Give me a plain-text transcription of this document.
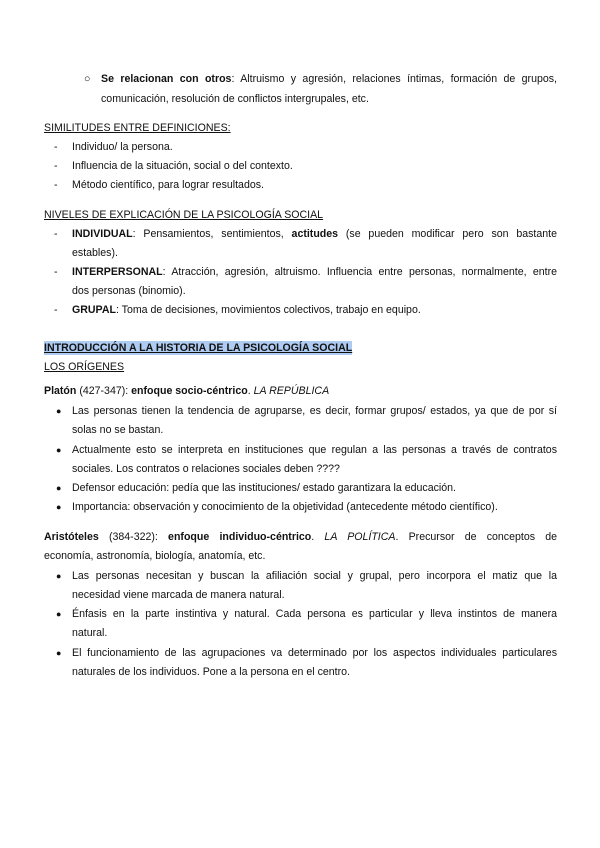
○ Se relacionan con otros: Altruismo y agresión, relaciones íntimas, formación de grupos,
comunicación, resolución de conflictos intergrupales, etc.
SIMILITUDES ENTRE DEFINICIONES:
- Individuo/ la persona.
- Influencia de la situación, social o del contexto.
- Método científico, para lograr resultados.
NIVELES DE EXPLICACIÓN DE LA PSICOLOGÍA SOCIAL
- INDIVIDUAL: Pensamientos, sentimientos, actitudes (se pueden modificar pero son bastante
estables).
- INTERPERSONAL: Atracción, agresión, altruismo. Influencia entre personas, normalmente, entre
dos personas (binomio).
- GRUPAL: Toma de decisiones, movimientos colectivos, trabajo en equipo.
INTRODUCCIÓN A LA HISTORIA DE LA PSICOLOGÍA SOCIAL
LOS ORÍGENES
Platón (427-347): enfoque socio-céntrico. LA REPÚBLICA
● Las personas tienen la tendencia de agruparse, es decir, formar grupos/ estados, ya que de por sí
solas no se bastan.
● Actualmente esto se interpreta en instituciones que regulan a las personas a través de contratos
sociales. Los contratos o relaciones sociales deben ????
● Defensor educación: pedía que las instituciones/ estado garantizara la educación.
● Importancia: observación y conocimiento de la objetividad (antecedente método científico).
Aristóteles (384-322): enfoque individuo-céntrico. LA POLÍTICA. Precursor de conceptos de
economía, astronomía, biología, anatomía, etc.
● Las personas necesitan y buscan la afiliación social y grupal, pero incorpora el matiz que la
necesidad viene marcada de manera natural.
● Énfasis en la parte instintiva y natural. Cada persona es particular y lleva instintos de manera
natural.
● El funcionamiento de las agrupaciones va determinado por los aspectos individuales particulares
naturales de los individuos. Pone a la persona en el centro.
